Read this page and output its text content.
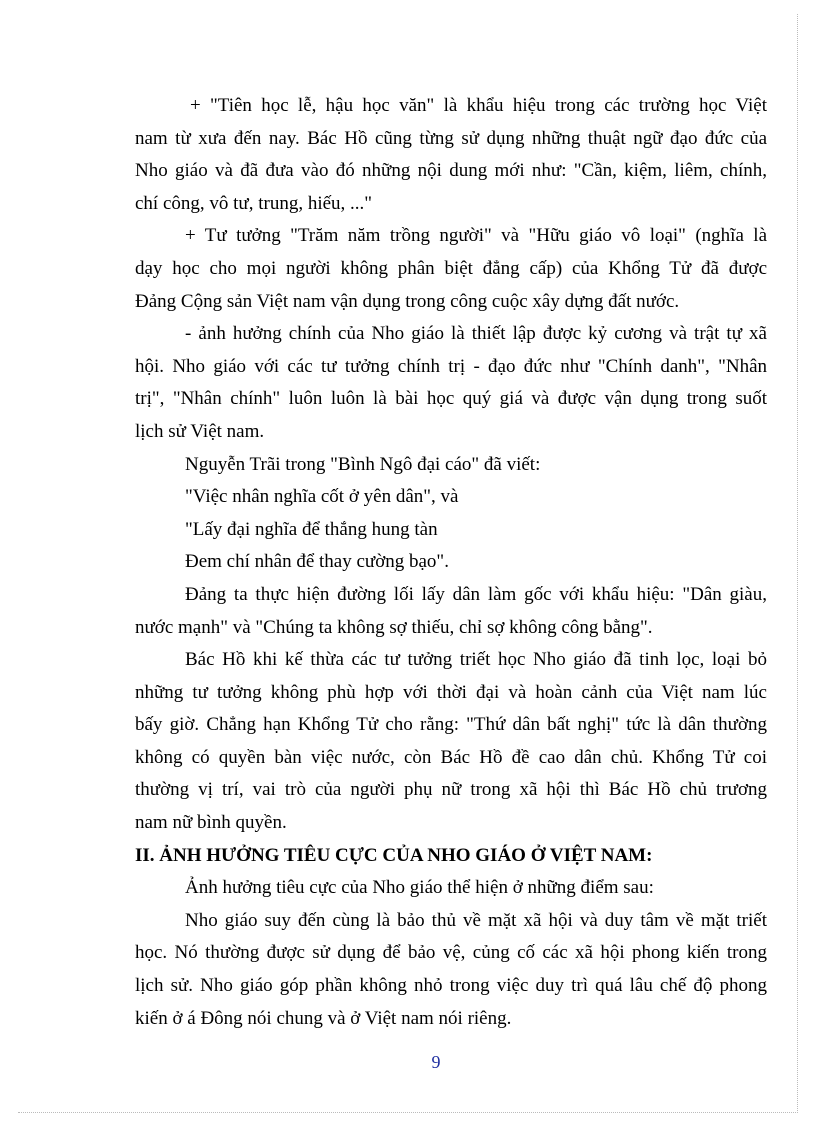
+ "Tiên học lễ, hậu học văn" là khẩu hiệu trong các trường học Việt
nam từ xưa đến nay. Bác Hồ cũng từng sử dụng những thuật ngữ đạo đức của
Nho giáo và đã đưa vào đó những nội dung mới như: "Cần, kiệm, liêm, chính,
chí công, vô tư, trung, hiếu, ..."
+ Tư tưởng "Trăm năm trồng người" và "Hữu giáo vô loại" (nghĩa là
dạy học cho mọi người không phân biệt đẳng cấp) của Khổng Tử đã được
Đảng Cộng sản Việt nam vận dụng trong công cuộc xây dựng đất nước.
- ảnh hưởng chính của Nho giáo là thiết lập được kỷ cương và trật tự xã
hội. Nho giáo với các tư tưởng chính trị - đạo đức như "Chính danh", "Nhân
trị", "Nhân chính" luôn luôn là bài học quý giá và được vận dụng trong suốt
lịch sử Việt nam.
Nguyễn Trãi trong "Bình Ngô đại cáo" đã viết:
"Việc nhân nghĩa cốt ở yên dân", và
"Lấy đại nghĩa để thắng hung tàn
Đem chí nhân để thay cường bạo".
Đảng ta thực hiện đường lối lấy dân làm gốc với khẩu hiệu: "Dân giàu,
nước mạnh" và "Chúng ta không sợ thiếu, chỉ sợ không công bằng".
Bác Hồ khi kế thừa các tư tưởng triết học Nho giáo đã tinh lọc, loại bỏ
những tư tưởng không phù hợp với thời đại và hoàn cảnh của Việt nam lúc
bấy giờ. Chẳng hạn Khổng Tử cho rằng: "Thứ dân bất nghị" tức là dân thường
không có quyền bàn việc nước, còn Bác Hồ đề cao dân chủ. Khổng Tử coi
thường vị trí, vai trò của người phụ nữ trong xã hội thì Bác Hồ chủ trương
nam nữ bình quyền.
II. ẢNH HƯỞNG TIÊU CỰC CỦA NHO GIÁO Ở VIỆT NAM:
Ảnh hưởng tiêu cực của Nho giáo thể hiện ở những điểm sau:
Nho giáo suy đến cùng là bảo thủ về mặt xã hội và duy tâm về mặt triết
học. Nó thường được sử dụng để bảo vệ, củng cố các xã hội phong kiến trong
lịch sử. Nho giáo góp phần không nhỏ trong việc duy trì quá lâu chế độ phong
kiến ở á Đông nói chung và ở Việt nam nói riêng.
9
